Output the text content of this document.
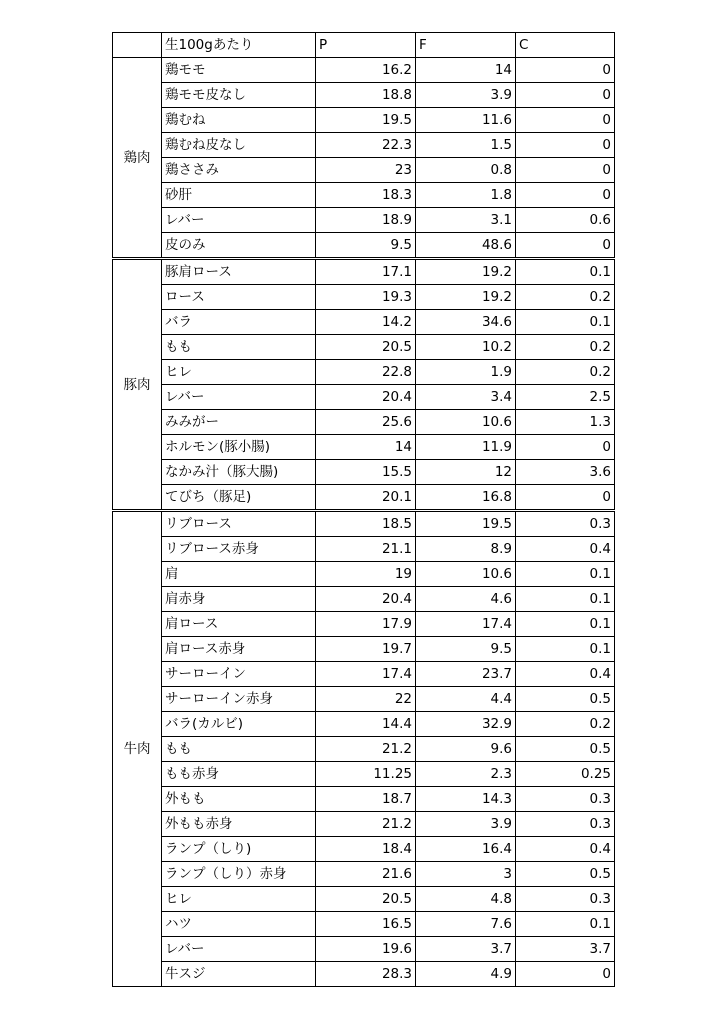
	生100gあたり	P	F	C
鶏肉	鶏モモ	16.2	14	0
	鶏モモ皮なし	18.8	3.9	0
	鶏むね	19.5	11.6	0
	鶏むね皮なし	22.3	1.5	0
	鶏ささみ	23	0.8	0
	砂肝	18.3	1.8	0
	レバー	18.9	3.1	0.6
	皮のみ	9.5	48.6	0
豚肉	豚肩ロース	17.1	19.2	0.1
	ロース	19.3	19.2	0.2
	バラ	14.2	34.6	0.1
	もも	20.5	10.2	0.2
	ヒレ	22.8	1.9	0.2
	レバー	20.4	3.4	2.5
	みみがー	25.6	10.6	1.3
	ホルモン(豚小腸)	14	11.9	0
	なかみ汁（豚大腸)	15.5	12	3.6
	てびち（豚足)	20.1	16.8	0
牛肉	リブロース	18.5	19.5	0.3
	リブロース赤身	21.1	8.9	0.4
	肩	19	10.6	0.1
	肩赤身	20.4	4.6	0.1
	肩ロース	17.9	17.4	0.1
	肩ロース赤身	19.7	9.5	0.1
	サーローイン	17.4	23.7	0.4
	サーローイン赤身	22	4.4	0.5
	バラ(カルビ)	14.4	32.9	0.2
	もも	21.2	9.6	0.5
	もも赤身	11.25	2.3	0.25
	外もも	18.7	14.3	0.3
	外もも赤身	21.2	3.9	0.3
	ランプ（しり)	18.4	16.4	0.4
	ランプ（しり）赤身	21.6	3	0.5
	ヒレ	20.5	4.8	0.3
	ハツ	16.5	7.6	0.1
	レバー	19.6	3.7	3.7
	牛スジ	28.3	4.9	0
